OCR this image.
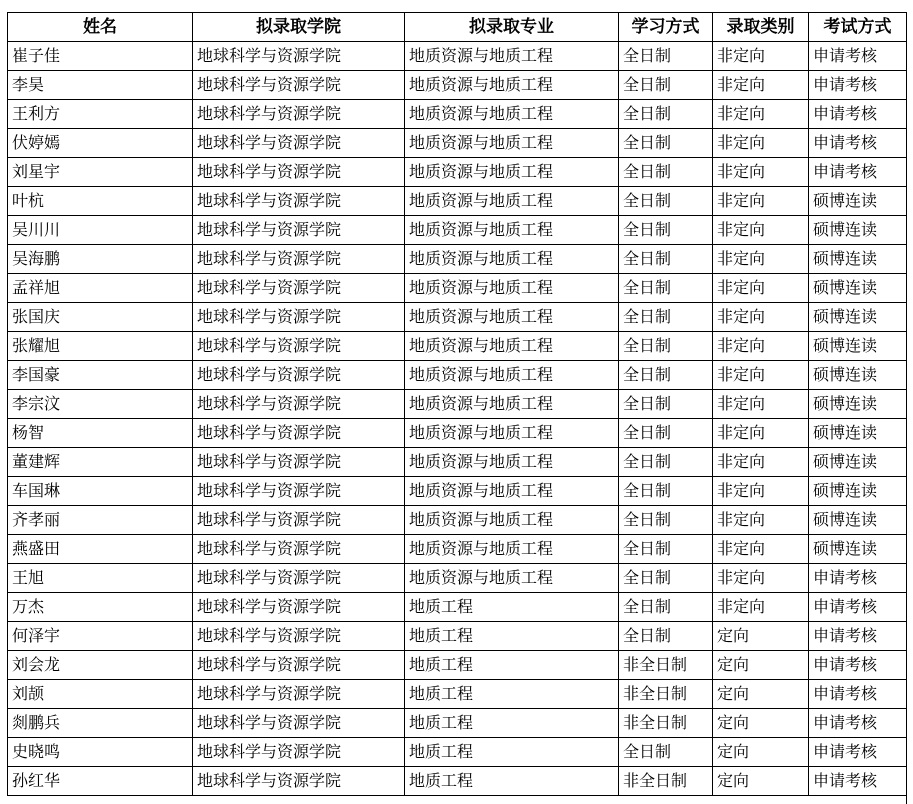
姓名	拟录取学院	拟录取专业	学习方式	录取类别	考试方式
崔子佳	地球科学与资源学院	地质资源与地质工程	全日制	非定向	申请考核
李昊	地球科学与资源学院	地质资源与地质工程	全日制	非定向	申请考核
王利方	地球科学与资源学院	地质资源与地质工程	全日制	非定向	申请考核
伏婷嫣	地球科学与资源学院	地质资源与地质工程	全日制	非定向	申请考核
刘星宇	地球科学与资源学院	地质资源与地质工程	全日制	非定向	申请考核
叶杭	地球科学与资源学院	地质资源与地质工程	全日制	非定向	硕博连读
吴川川	地球科学与资源学院	地质资源与地质工程	全日制	非定向	硕博连读
吴海鹏	地球科学与资源学院	地质资源与地质工程	全日制	非定向	硕博连读
孟祥旭	地球科学与资源学院	地质资源与地质工程	全日制	非定向	硕博连读
张国庆	地球科学与资源学院	地质资源与地质工程	全日制	非定向	硕博连读
张耀旭	地球科学与资源学院	地质资源与地质工程	全日制	非定向	硕博连读
李国豪	地球科学与资源学院	地质资源与地质工程	全日制	非定向	硕博连读
李宗汶	地球科学与资源学院	地质资源与地质工程	全日制	非定向	硕博连读
杨智	地球科学与资源学院	地质资源与地质工程	全日制	非定向	硕博连读
董建辉	地球科学与资源学院	地质资源与地质工程	全日制	非定向	硕博连读
车国琳	地球科学与资源学院	地质资源与地质工程	全日制	非定向	硕博连读
齐孝丽	地球科学与资源学院	地质资源与地质工程	全日制	非定向	硕博连读
燕盛田	地球科学与资源学院	地质资源与地质工程	全日制	非定向	硕博连读
王旭	地球科学与资源学院	地质资源与地质工程	全日制	非定向	申请考核
万杰	地球科学与资源学院	地质工程	全日制	非定向	申请考核
何泽宇	地球科学与资源学院	地质工程	全日制	定向	申请考核
刘会龙	地球科学与资源学院	地质工程	非全日制	定向	申请考核
刘颉	地球科学与资源学院	地质工程	非全日制	定向	申请考核
剡鹏兵	地球科学与资源学院	地质工程	非全日制	定向	申请考核
史晓鸣	地球科学与资源学院	地质工程	全日制	定向	申请考核
孙红华	地球科学与资源学院	地质工程	非全日制	定向	申请考核
